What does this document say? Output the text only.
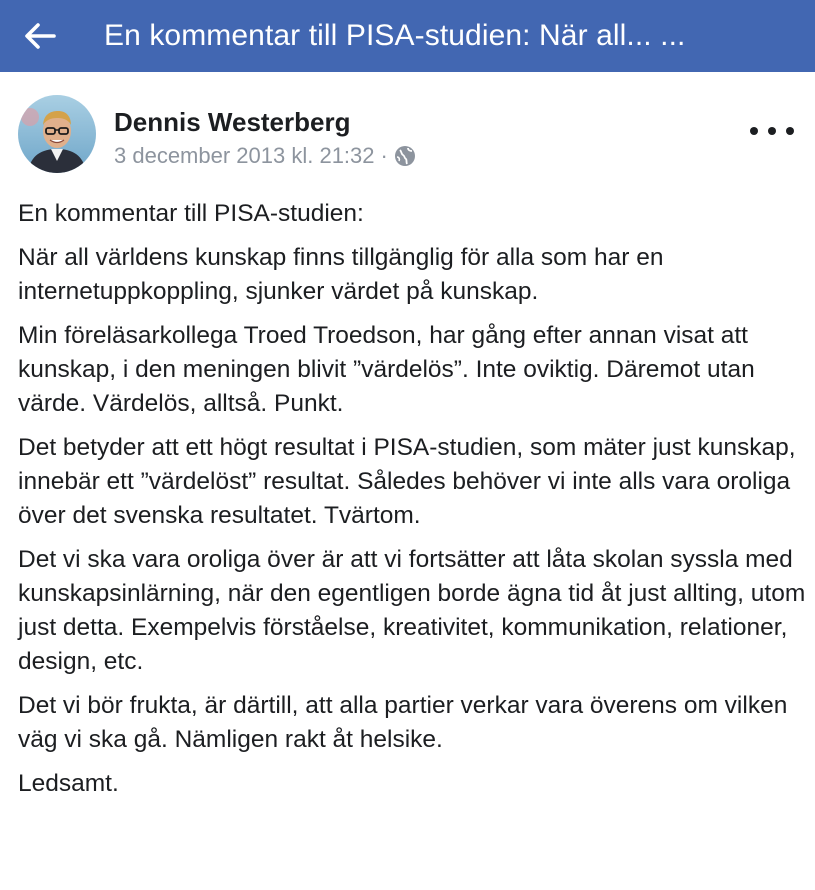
En kommentar till PISA-studien: När all... ...
Dennis Westerberg
3 december 2013 kl. 21:32 ·

En kommentar till PISA-studien:

När all världens kunskap finns tillgänglig för alla som har en internetuppkoppling, sjunker värdet på kunskap.

Min föreläsarkollega Troed Troedson, har gång efter annan visat att kunskap, i den meningen blivit ”värdelös”. Inte oviktig. Däremot utan värde. Värdelös, alltså. Punkt.

Det betyder att ett högt resultat i PISA-studien, som mäter just kunskap, innebär ett ”värdelöst” resultat. Således behöver vi inte alls vara oroliga över det svenska resultatet. Tvärtom.

Det vi ska vara oroliga över är att vi fortsätter att låta skolan syssla med kunskapsinlärning, när den egentligen borde ägna tid åt just allting, utom just detta. Exempelvis förståelse, kreativitet, kommunikation, relationer, design, etc.

Det vi bör frukta, är därtill, att alla partier verkar vara överens om vilken väg vi ska gå. Nämligen rakt åt helsike.

Ledsamt.
